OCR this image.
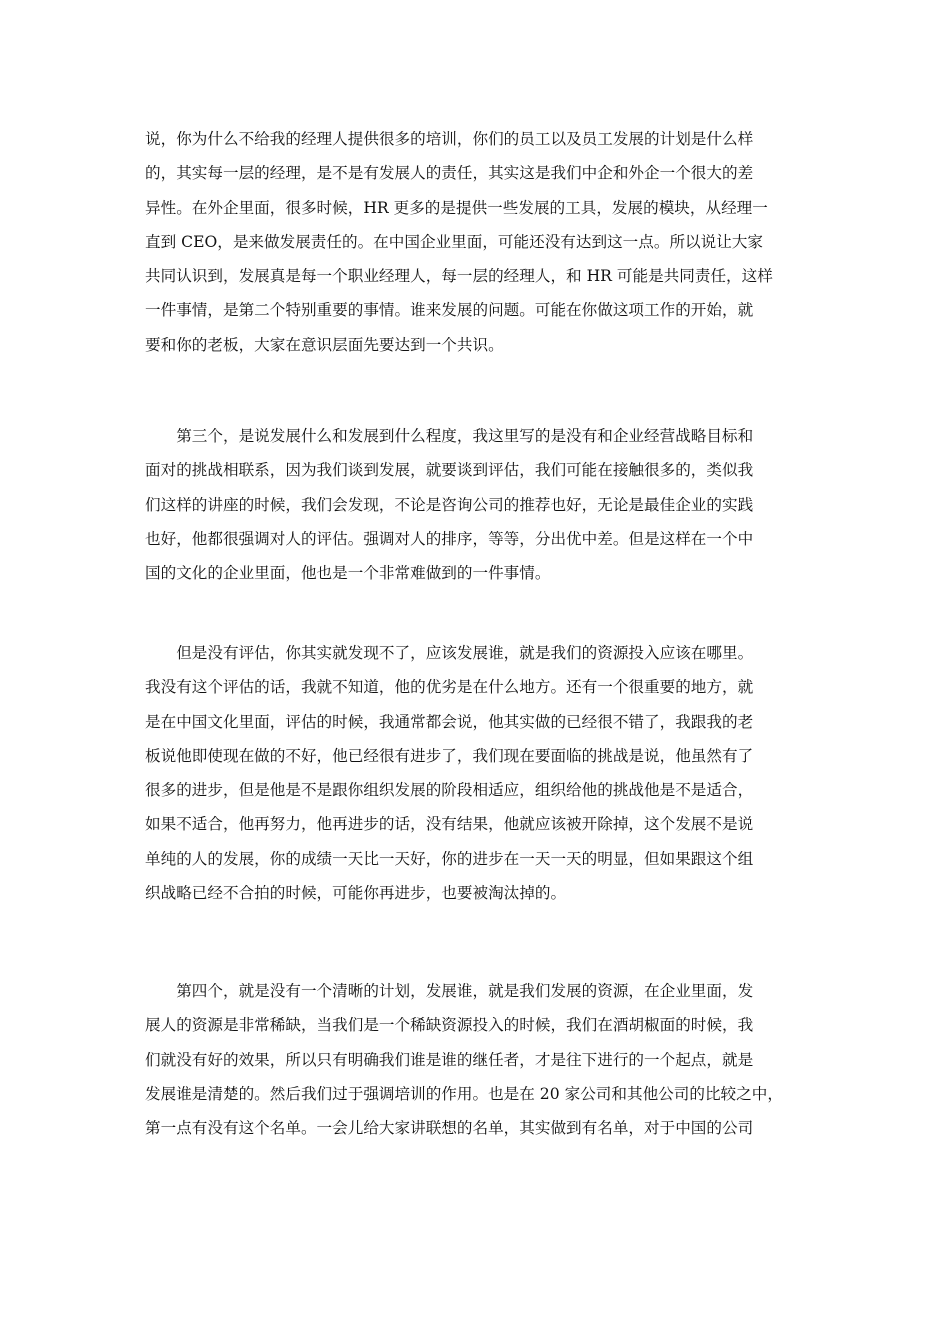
说，你为什么不给我的经理人提供很多的培训，你们的员工以及员工发展的计划是什么样
的，其实每一层的经理，是不是有发展人的责任，其实这是我们中企和外企一个很大的差
异性。在外企里面，很多时候，HR 更多的是提供一些发展的工具，发展的模块，从经理一
直到 CEO，是来做发展责任的。在中国企业里面，可能还没有达到这一点。所以说让大家
共同认识到，发展真是每一个职业经理人，每一层的经理人，和 HR 可能是共同责任，这样
一件事情，是第二个特别重要的事情。谁来发展的问题。可能在你做这项工作的开始，就
要和你的老板，大家在意识层面先要达到一个共识。
　　第三个，是说发展什么和发展到什么程度，我这里写的是没有和企业经营战略目标和
面对的挑战相联系，因为我们谈到发展，就要谈到评估，我们可能在接触很多的，类似我
们这样的讲座的时候，我们会发现，不论是咨询公司的推荐也好，无论是最佳企业的实践
也好，他都很强调对人的评估。强调对人的排序，等等，分出优中差。但是这样在一个中
国的文化的企业里面，他也是一个非常难做到的一件事情。
　　但是没有评估，你其实就发现不了，应该发展谁，就是我们的资源投入应该在哪里。
我没有这个评估的话，我就不知道，他的优劣是在什么地方。还有一个很重要的地方，就
是在中国文化里面，评估的时候，我通常都会说，他其实做的已经很不错了，我跟我的老
板说他即使现在做的不好，他已经很有进步了，我们现在要面临的挑战是说，他虽然有了
很多的进步，但是他是不是跟你组织发展的阶段相适应，组织给他的挑战他是不是适合，
如果不适合，他再努力，他再进步的话，没有结果，他就应该被开除掉，这个发展不是说
单纯的人的发展，你的成绩一天比一天好，你的进步在一天一天的明显，但如果跟这个组
织战略已经不合拍的时候，可能你再进步，也要被淘汰掉的。
　　第四个，就是没有一个清晰的计划，发展谁，就是我们发展的资源，在企业里面，发
展人的资源是非常稀缺，当我们是一个稀缺资源投入的时候，我们在酒胡椒面的时候，我
们就没有好的效果，所以只有明确我们谁是谁的继任者，才是往下进行的一个起点，就是
发展谁是清楚的。然后我们过于强调培训的作用。也是在 20 家公司和其他公司的比较之中，
第一点有没有这个名单。一会儿给大家讲联想的名单，其实做到有名单，对于中国的公司
